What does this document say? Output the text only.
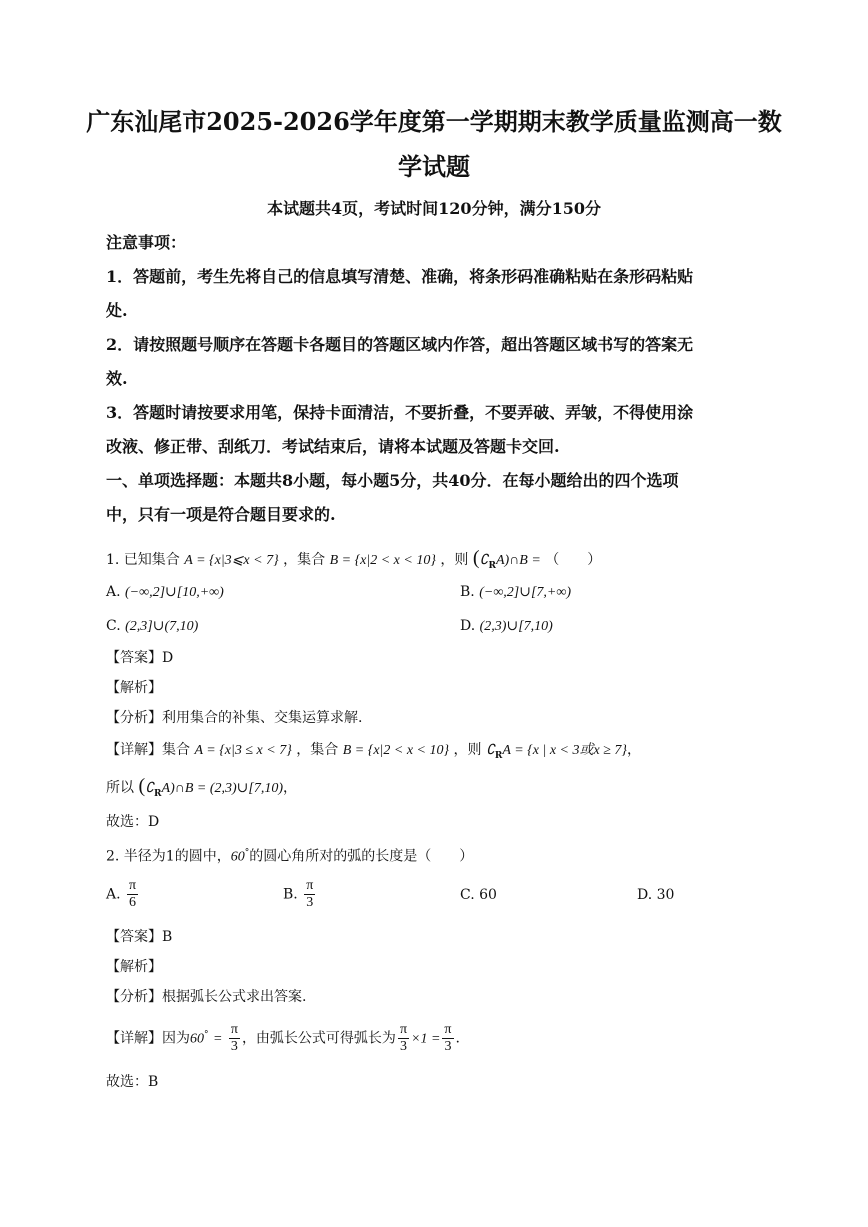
广东汕尾市2025-2026学年度第一学期期末教学质量监测高一数
学试题
本试题共4页，考试时间120分钟，满分150分
注意事项：
1．答题前，考生先将自己的信息填写清楚、准确，将条形码准确粘贴在条形码粘贴
处.
2．请按照题号顺序在答题卡各题目的答题区域内作答，超出答题区域书写的答案无
效.
3．答题时请按要求用笔，保持卡面清洁，不要折叠，不要弄破、弄皱，不得使用涂
改液、修正带、刮纸刀．考试结束后，请将本试题及答题卡交回.
一、单项选择题：本题共8小题，每小题5分，共40分．在每小题给出的四个选项
中，只有一项是符合题目要求的.
1. 已知集合 A = {x|3⩽x < 7} ，集合 B = {x|2 < x < 10} ，则 $(∁_RA)\cap B$ = （　　）
A. (−∞,2]∪[10,+∞)	B. (−∞,2]∪[7,+∞)
C. (2,3]∪(7,10)	D. (2,3)∪[7,10)
【答案】D
【解析】
【分析】利用集合的补集、交集运算求解.
【详解】集合 A = {x|3 ≤ x < 7} ，集合 B = {x|2 < x < 10} ，则 $∁_RA = \{x$ | x < 3或x ≥ 7}，
所以 $(∁_RA)\cap B$ = (2,3)∪[7,10)，
故选：D
2. 半径为1的圆中，60°的圆心角所对的弧的长度是（　　）
A. $\frac{\pi}{6}$	B. $\frac{\pi}{3}$	C. 60	D. 30
【答案】B
【解析】
【分析】根据弧长公式求出答案.
【详解】因为$60^\circ = \frac{\pi}{3}$ ，由弧长公式可得弧长为 $\frac{\pi}{3} \times 1 = \frac{\pi}{3}$ .
故选：B
